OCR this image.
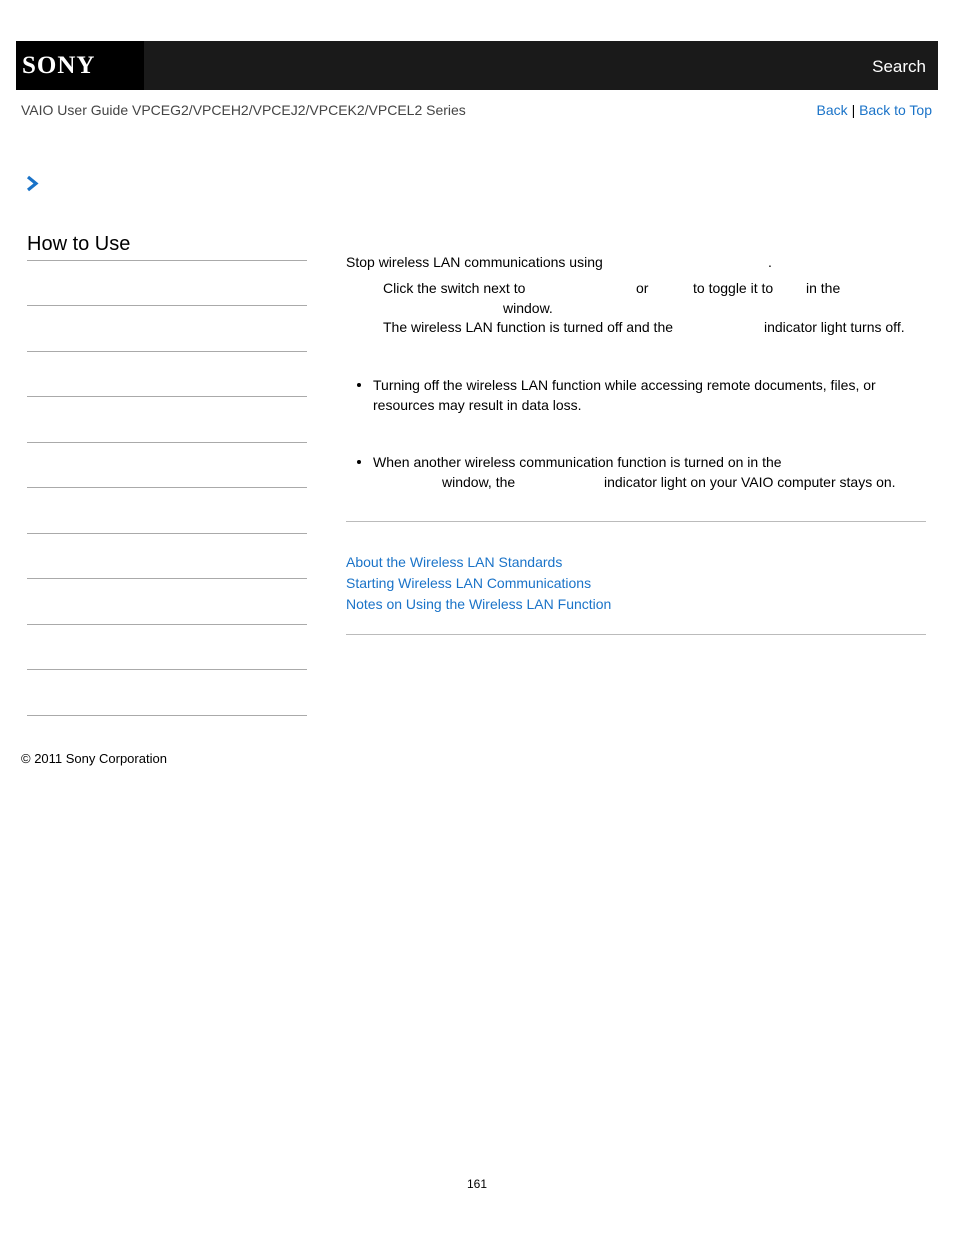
SONY	Search
VAIO User Guide VPCEG2/VPCEH2/VPCEJ2/VPCEK2/VPCEL2 Series	Back | Back to Top
How to Use
Stop wireless LAN communications using	.
Click the switch next to	or	to toggle it to in the
window.
The wireless LAN function is turned off and the	indicator light turns off.
Turning off the wireless LAN function while accessing remote documents, files, or
resources may result in data loss.
When another wireless communication function is turned on in the
window, the	indicator light on your VAIO computer stays on.
About the Wireless LAN Standards
Starting Wireless LAN Communications
Notes on Using the Wireless LAN Function
© 2011 Sony Corporation
161
